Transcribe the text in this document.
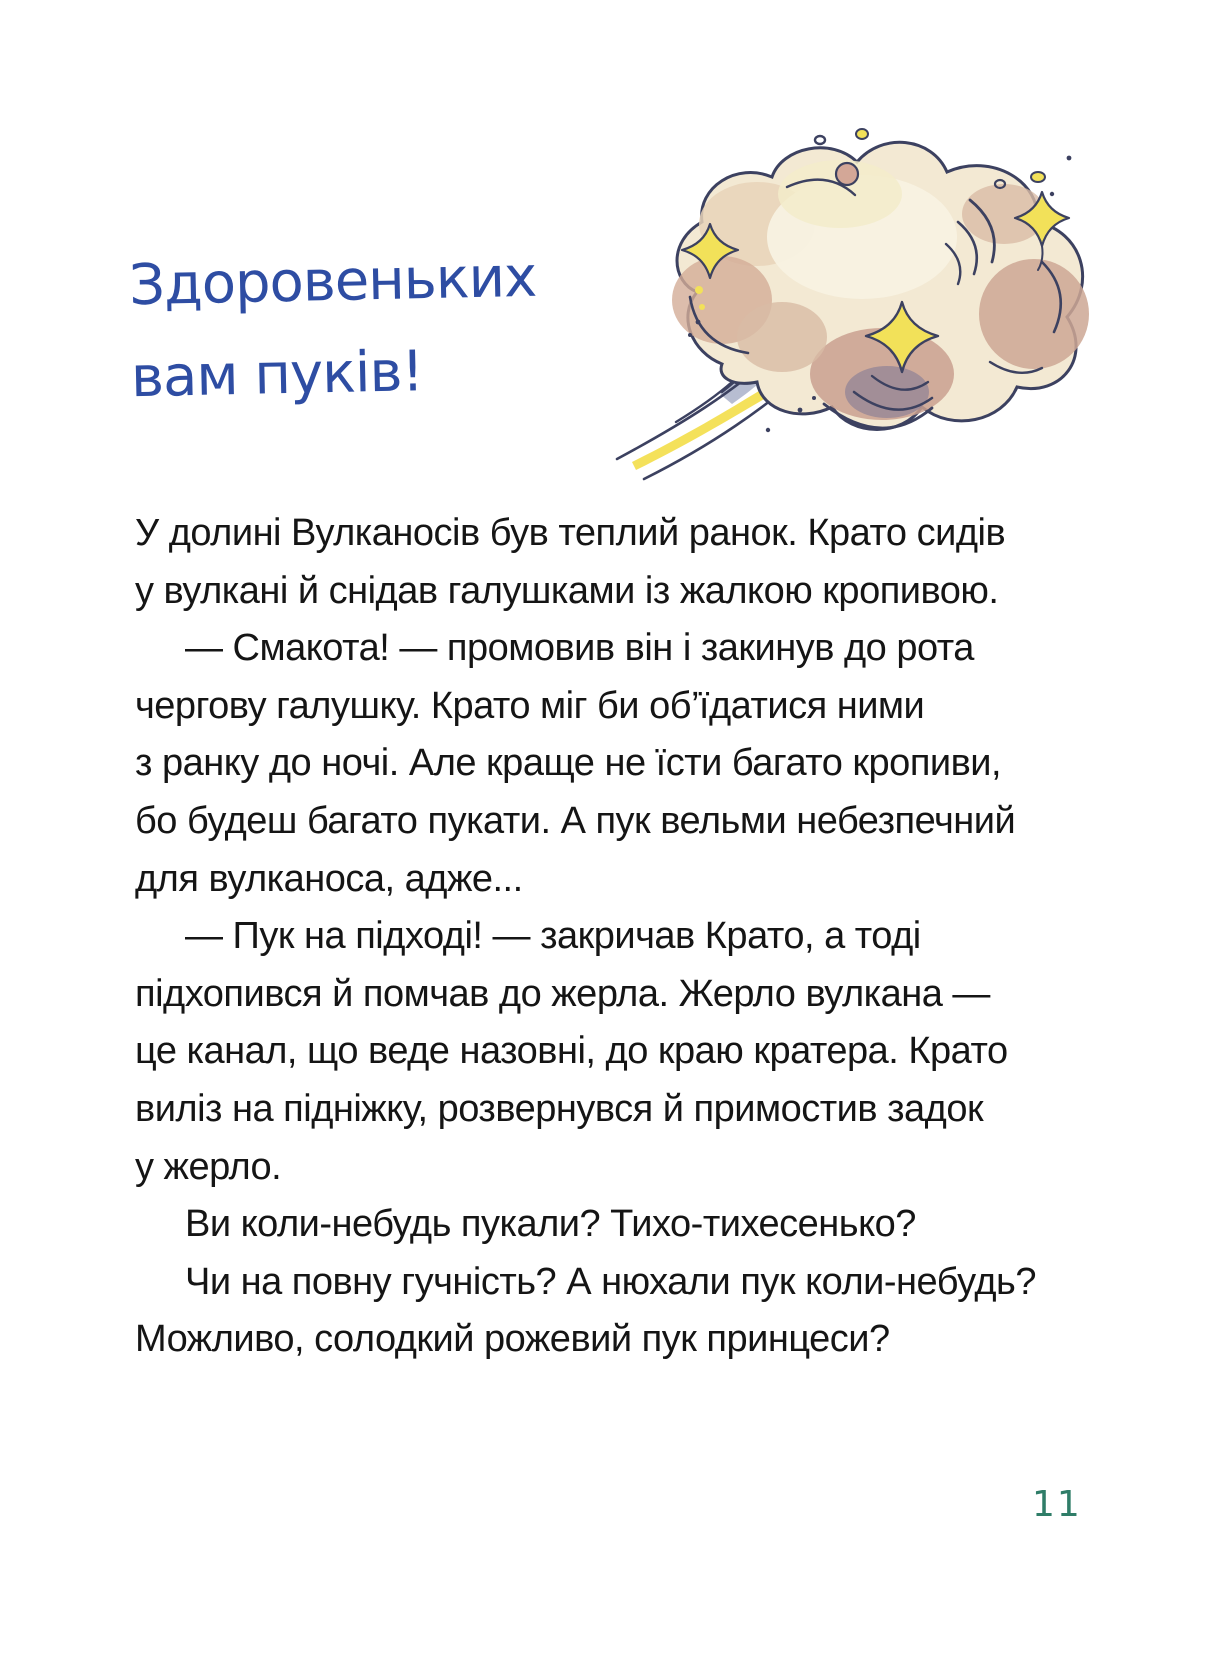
Здоровеньких
вам пуків!
У долині Вулканосів був теплий ранок. Крато сидів
у вулкані й снідав галушками із жалкою кропивою.
— Смакота! — промовив він і закинув до рота
чергову галушку. Крато міг би об’їдатися ними
з ранку до ночі. Але краще не їсти багато кропиви,
бо будеш багато пукати. А пук вельми небезпечний
для вулканоса, адже...
— Пук на підході! — закричав Крато, а тоді
підхопився й помчав до жерла. Жерло вулкана —
це канал, що веде назовні, до краю кратера. Крато
виліз на підніжку, розвернувся й примостив задок
у жерло.
Ви коли-небудь пукали? Тихо-тихесенько?
Чи на повну гучність? А нюхали пук коли-небудь?
Можливо, солодкий рожевий пук принцеси?
11
